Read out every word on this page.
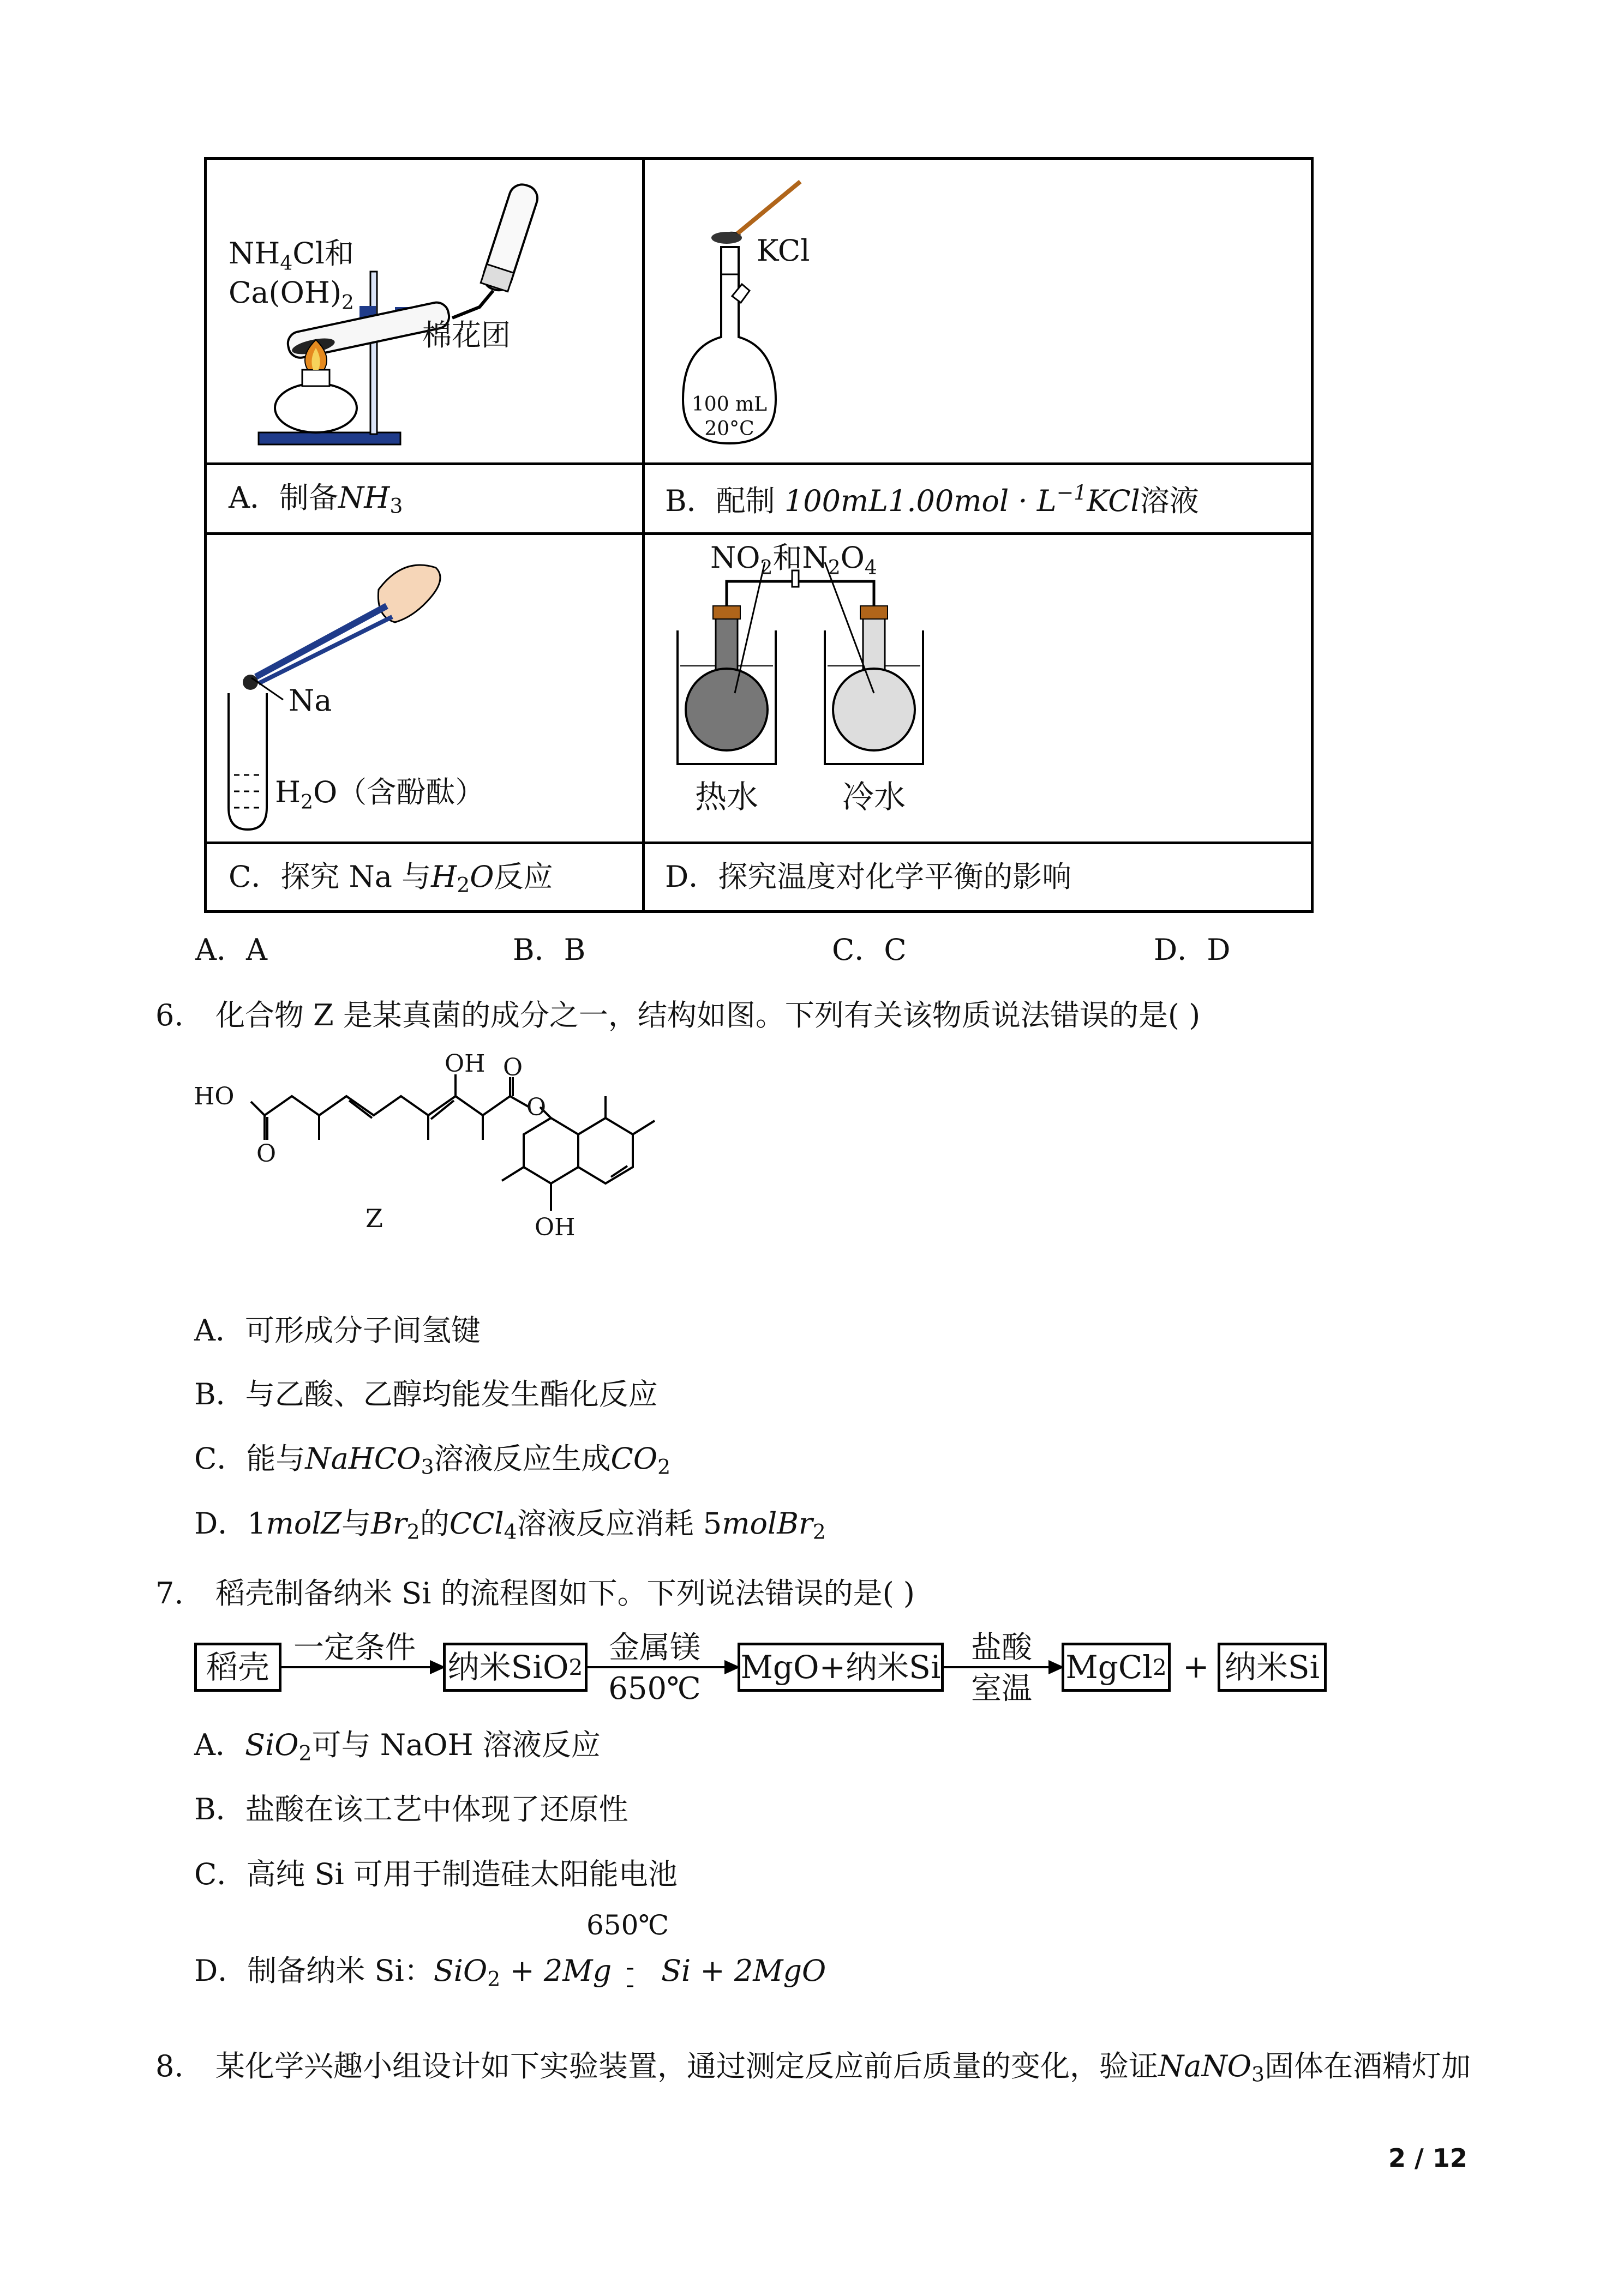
$NH_4Cl$和
$Ca(OH)_2$
棉花团
KCl
100 mL
20°C
A．制备$NH_3$	B．配制 $100mL1.00mol \cdot L^{-1}KCl$溶液
Na
$H_2O$（含酚酞）
$NO_2$和$N_2O_4$
热水	冷水
C．探究 Na 与$H_2O$反应	D．探究温度对化学平衡的影响
A．A	B．B	C．C	D．D
6. 化合物 Z 是某真菌的成分之一，结构如图。下列有关该物质说法错误的是( )
HO
O
OH O
O
OH
Z
A．可形成分子间氢键
B．与乙酸、乙醇均能发生酯化反应
C．能与NaHCO$_3$溶液反应生成$CO_2$
D．1molZ与$Br_2$的CCl$_4$溶液反应消耗 5molBr$_2$
7. 稻壳制备纳米 Si 的流程图如下。下列说法错误的是( )
稻壳	纳米SiO 2	MgO+纳米Si	MgCl 2 + 纳米Si
一定条件	金属镁
650℃
盐酸
室温
A．SiO$_2$可与 NaOH 溶液反应
B．盐酸在该工艺中体现了还原性
C．高纯 Si 可用于制造硅太阳能电池
650℃
D．制备纳米 Si：SiO$_2$ + 2Mg Si + 2MgO
8. 某化学兴趣小组设计如下实验装置，通过测定反应前后质量的变化，验证NaNO$_3$固体在酒精灯加
2 / 12
